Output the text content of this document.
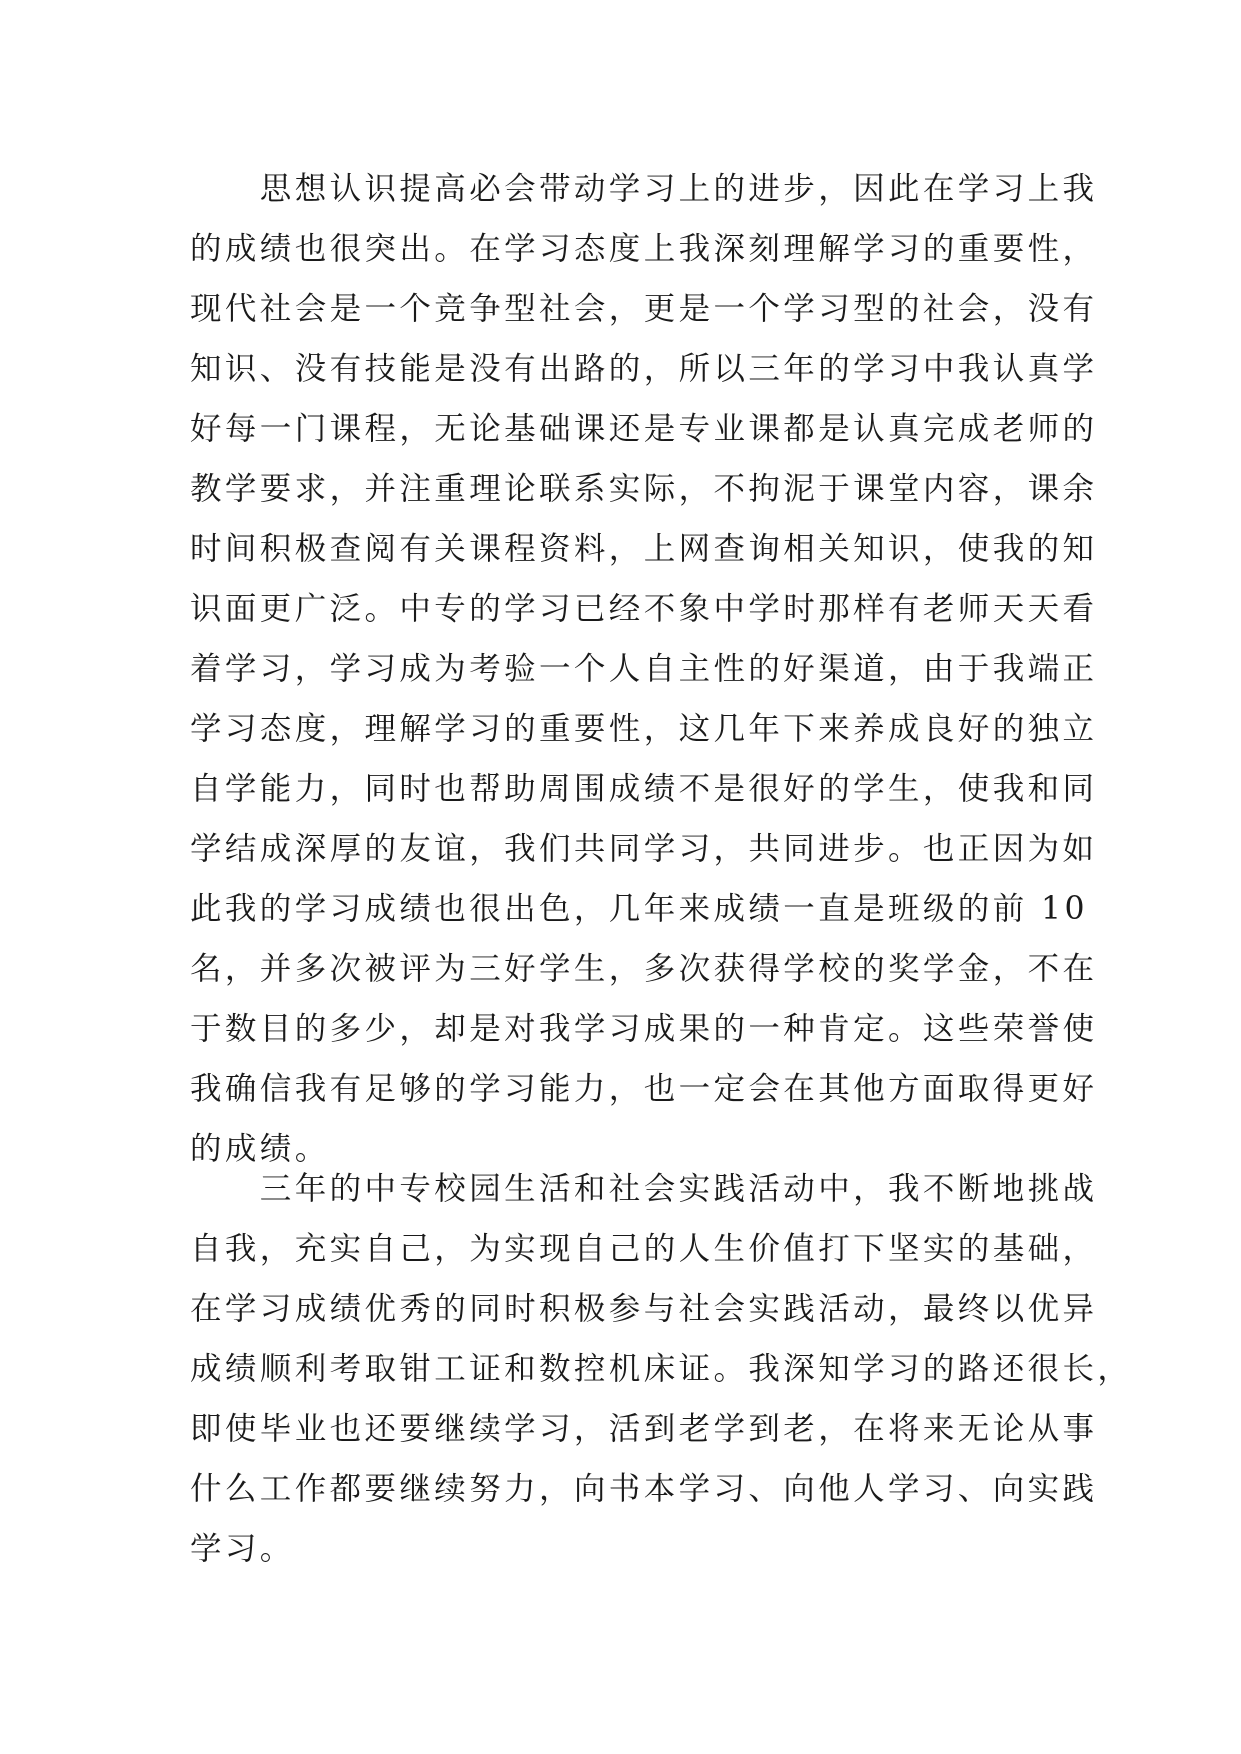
　　思想认识提高必会带动学习上的进步，因此在学习上我
的成绩也很突出。在学习态度上我深刻理解学习的重要性，
现代社会是一个竞争型社会，更是一个学习型的社会，没有
知识、没有技能是没有出路的，所以三年的学习中我认真学
好每一门课程，无论基础课还是专业课都是认真完成老师的
教学要求，并注重理论联系实际，不拘泥于课堂内容，课余
时间积极查阅有关课程资料，上网查询相关知识，使我的知
识面更广泛。中专的学习已经不象中学时那样有老师天天看
着学习，学习成为考验一个人自主性的好渠道，由于我端正
学习态度，理解学习的重要性，这几年下来养成良好的独立
自学能力，同时也帮助周围成绩不是很好的学生，使我和同
学结成深厚的友谊，我们共同学习，共同进步。也正因为如
此我的学习成绩也很出色，几年来成绩一直是班级的前 10
名，并多次被评为三好学生，多次获得学校的奖学金，不在
于数目的多少，却是对我学习成果的一种肯定。这些荣誉使
我确信我有足够的学习能力，也一定会在其他方面取得更好
的成绩。
　　三年的中专校园生活和社会实践活动中，我不断地挑战
自我，充实自己，为实现自己的人生价值打下坚实的基础，
在学习成绩优秀的同时积极参与社会实践活动，最终以优异
成绩顺利考取钳工证和数控机床证。我深知学习的路还很长，
即使毕业也还要继续学习，活到老学到老，在将来无论从事
什么工作都要继续努力，向书本学习、向他人学习、向实践
学习。
